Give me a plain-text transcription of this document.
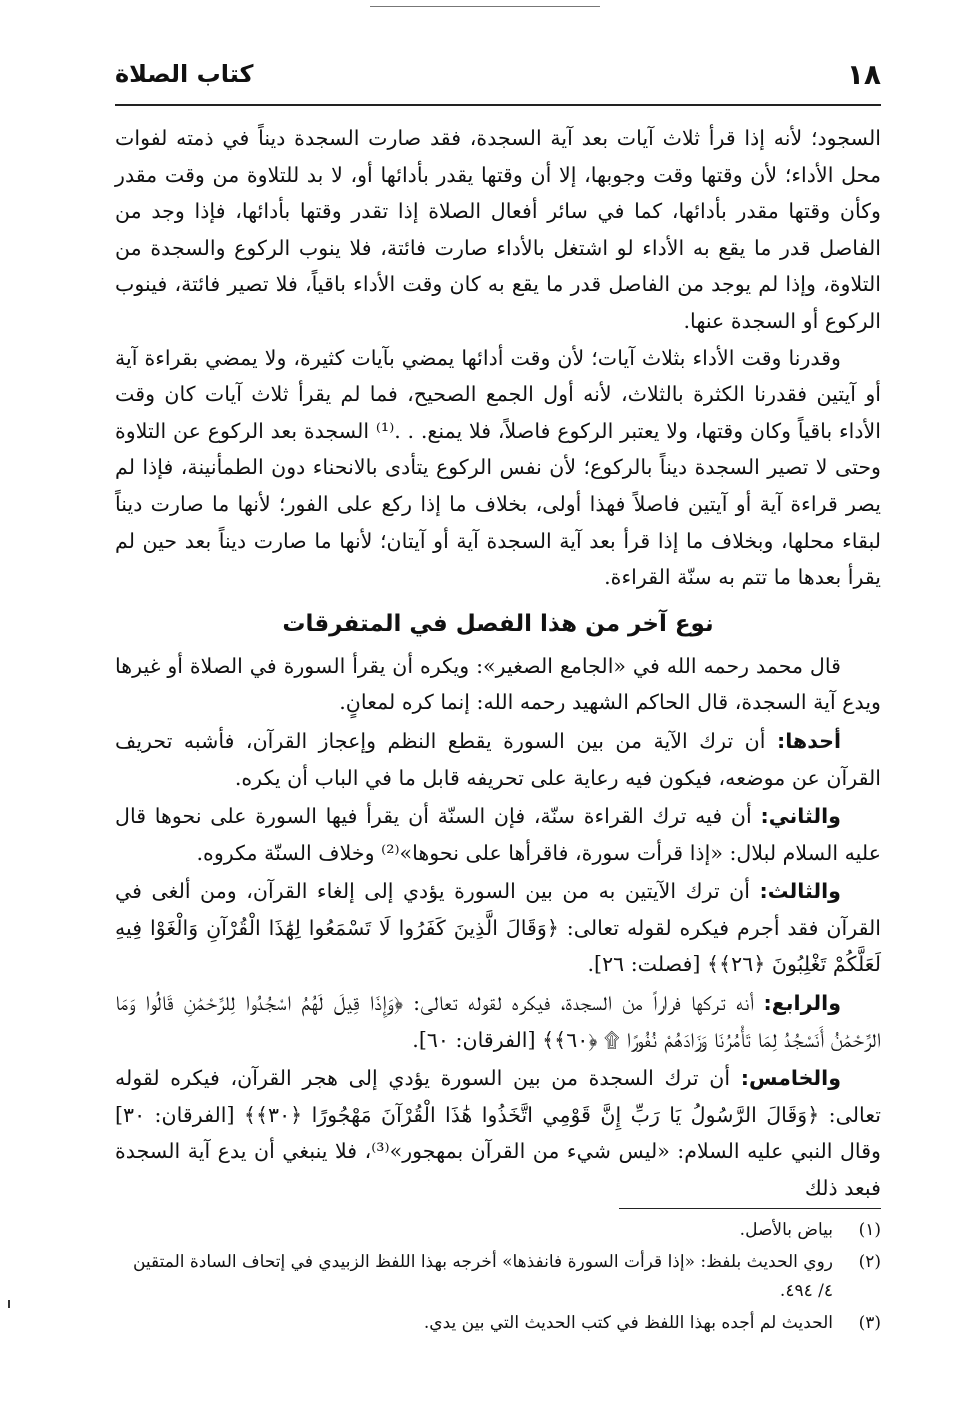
١٨
كتاب الصلاة

السجود؛ لأنه إذا قرأ ثلاث آيات بعد آية السجدة، فقد صارت السجدة ديناً في ذمته لفوات محل الأداء؛ لأن وقتها وقت وجوبها، إلا أن وقتها يقدر بأدائها أو، لا بد للتلاوة من وقت مقدر وكأن وقتها مقدر بأدائها، كما في سائر أفعال الصلاة إذا تقدر وقتها بأدائها، فإذا وجد من الفاصل قدر ما يقع به الأداء لو اشتغل بالأداء صارت فائتة، فلا ينوب الركوع والسجدة من التلاوة، وإذا لم يوجد من الفاصل قدر ما يقع به كان وقت الأداء باقياً، فلا تصير فائتة، فينوب الركوع أو السجدة عنها.

وقدرنا وقت الأداء بثلاث آيات؛ لأن وقت أدائها يمضي بآيات كثيرة، ولا يمضي بقراءة آية أو آيتين فقدرنا الكثرة بالثلاث، لأنه أول الجمع الصحيح، فما لم يقرأ ثلاث آيات كان وقت الأداء باقياً وكان وقتها، ولا يعتبر الركوع فاصلاً، فلا يمنع. . .⁽¹⁾ السجدة بعد الركوع عن التلاوة وحتى لا تصير السجدة ديناً بالركوع؛ لأن نفس الركوع يتأدى بالانحناء دون الطمأنينة، فإذا لم يصر قراءة آية أو آيتين فاصلاً فهذا أولى، بخلاف ما إذا ركع على الفور؛ لأنها ما صارت ديناً لبقاء محلها، وبخلاف ما إذا قرأ بعد آية السجدة آية أو آيتان؛ لأنها ما صارت ديناً بعد حين لم يقرأ بعدها ما تتم به سنّة القراءة.

نوع آخر من هذا الفصل في المتفرقات

قال محمد رحمه الله في «الجامع الصغير»: ويكره أن يقرأ السورة في الصلاة أو غيرها ويدع آية السجدة، قال الحاكم الشهيد رحمه الله: إنما كره لمعانٍ.

أحدها: أن ترك الآية من بين السورة يقطع النظم وإعجاز القرآن، فأشبه تحريف القرآن عن موضعه، فيكون فيه رعاية على تحريفه قابل ما في الباب أن يكره.

والثاني: أن فيه ترك القراءة سنّة، فإن السنّة أن يقرأ فيها السورة على نحوها قال عليه السلام لبلال: «إذا قرأت سورة، فاقرأها على نحوها»⁽²⁾ وخلاف السنّة مكروه.

والثالث: أن ترك الآيتين به من بين السورة يؤدي إلى إلغاء القرآن، ومن ألغى في القرآن فقد أجرم فيكره لقوله تعالى: ﴿وَقَالَ الَّذِينَ كَفَرُوا لَا تَسْمَعُوا لِهَٰذَا الْقُرْآنِ وَالْغَوْا فِيهِ لَعَلَّكُمْ تَغْلِبُونَ ﴿٢٦﴾﴾ [فصلت: ٢٦].

والرابع: أنه تركها فراراً من السجدة، فيكره لقوله تعالى: ﴿وَإِذَا قِيلَ لَهُمُ اسْجُدُوا لِلرَّحْمَٰنِ قَالُوا وَمَا الرَّحْمَٰنُ أَنَسْجُدُ لِمَا تَأْمُرُنَا وَزَادَهُمْ نُفُورًا ۩ ﴿٦٠﴾﴾ [الفرقان: ٦٠].

والخامس: أن ترك السجدة من بين السورة يؤدي إلى هجر القرآن، فيكره لقوله تعالى: ﴿وَقَالَ الرَّسُولُ يَا رَبِّ إِنَّ قَوْمِي اتَّخَذُوا هَٰذَا الْقُرْآنَ مَهْجُورًا ﴿٣٠﴾﴾ [الفرقان: ٣٠] وقال النبي عليه السلام: «ليس شيء من القرآن بمهجور»⁽³⁾، فلا ينبغي أن يدع آية السجدة فبعد ذلك

(١)
بياض بالأصل.
(٢)
روي الحديث بلفظ: «إذا قرأت السورة فانفذها» أخرجه بهذا اللفظ الزبيدي في إتحاف السادة المتقين ٤/ ٤٩٤.
(٣)
الحديث لم أجده بهذا اللفظ في كتب الحديث التي بين يدي.
